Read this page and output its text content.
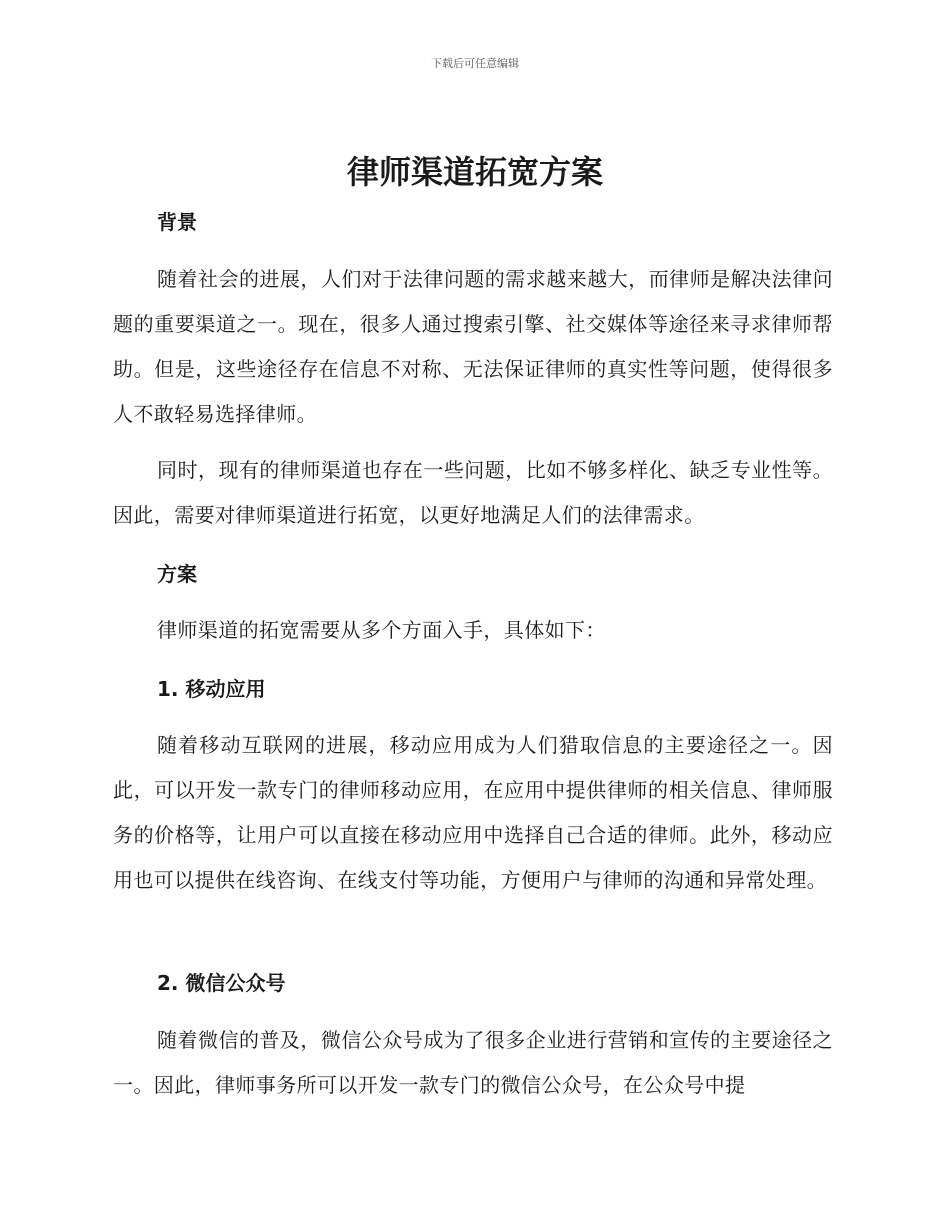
下载后可任意编辑
律师渠道拓宽方案
背景

随着社会的进展，人们对于法律问题的需求越来越大，而律师是解决法律问题的重要渠道之一。现在，很多人通过搜索引擎、社交媒体等途径来寻求律师帮助。但是，这些途径存在信息不对称、无法保证律师的真实性等问题，使得很多人不敢轻易选择律师。

同时，现有的律师渠道也存在一些问题，比如不够多样化、缺乏专业性等。因此，需要对律师渠道进行拓宽，以更好地满足人们的法律需求。

方案

律师渠道的拓宽需要从多个方面入手，具体如下：

1. 移动应用

随着移动互联网的进展，移动应用成为人们猎取信息的主要途径之一。因此，可以开发一款专门的律师移动应用，在应用中提供律师的相关信息、律师服务的价格等，让用户可以直接在移动应用中选择自己合适的律师。此外，移动应用也可以提供在线咨询、在线支付等功能，方便用户与律师的沟通和异常处理。

2. 微信公众号

随着微信的普及，微信公众号成为了很多企业进行营销和宣传的主要途径之一。因此，律师事务所可以开发一款专门的微信公众号，在公众号中提
